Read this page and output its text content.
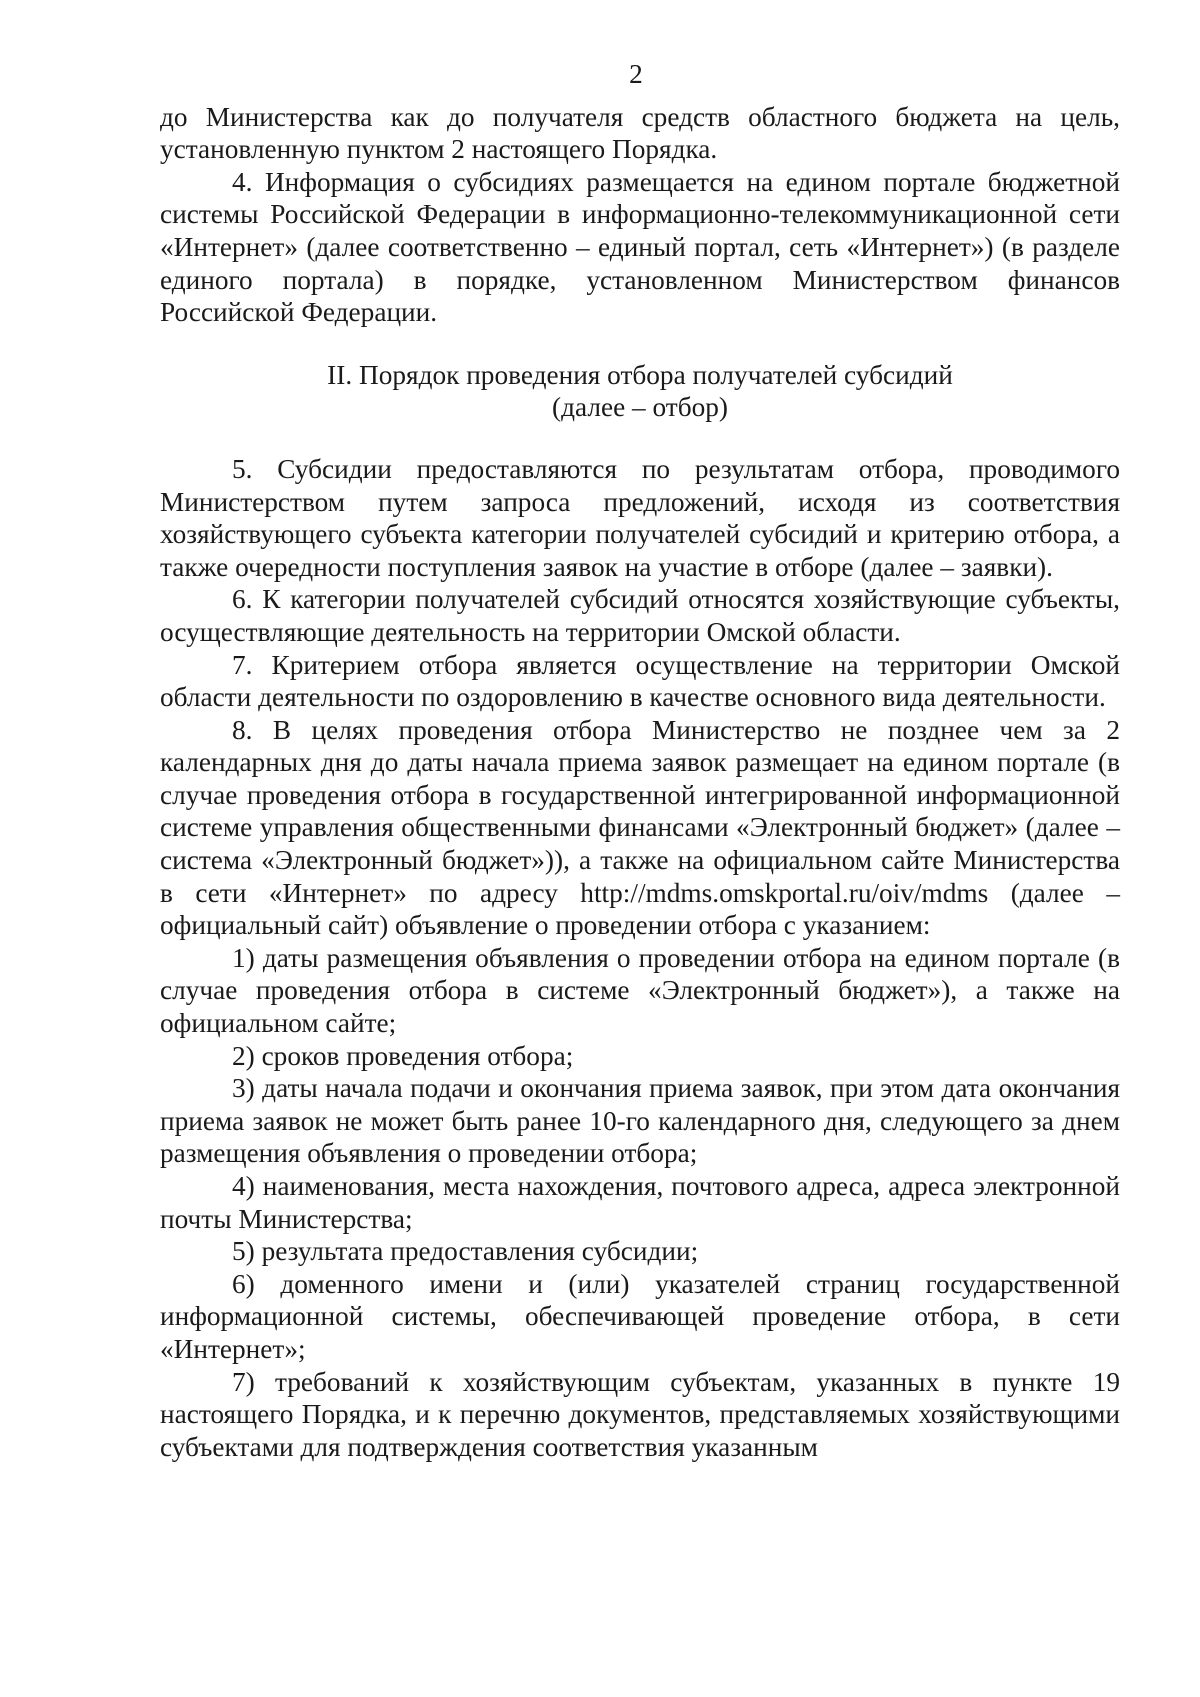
2

до Министерства как до получателя средств областного бюджета на цель, установленную пунктом 2 настоящего Порядка.

4. Информация о субсидиях размещается на едином портале бюджетной системы Российской Федерации в информационно-телекоммуникационной сети «Интернет» (далее соответственно – единый портал, сеть «Интернет») (в разделе единого портала) в порядке, установленном Министерством финансов Российской Федерации.

II. Порядок проведения отбора получателей субсидий
(далее – отбор)

5. Субсидии предоставляются по результатам отбора, проводимого Министерством путем запроса предложений, исходя из соответствия хозяйствующего субъекта категории получателей субсидий и критерию отбора, а также очередности поступления заявок на участие в отборе (далее – заявки).

6. К категории получателей субсидий относятся хозяйствующие субъекты, осуществляющие деятельность на территории Омской области.

7. Критерием отбора является осуществление на территории Омской области деятельности по оздоровлению в качестве основного вида деятельности.

8. В целях проведения отбора Министерство не позднее чем за 2 календарных дня до даты начала приема заявок размещает на едином портале (в случае проведения отбора в государственной интегрированной информационной системе управления общественными финансами «Электронный бюджет» (далее – система «Электронный бюджет»)), а также на официальном сайте Министерства в сети «Интернет» по адресу http://mdms.omskportal.ru/oiv/mdms (далее – официальный сайт) объявление о проведении отбора с указанием:

1) даты размещения объявления о проведении отбора на едином портале (в случае проведения отбора в системе «Электронный бюджет»), а также на официальном сайте;

2) сроков проведения отбора;

3) даты начала подачи и окончания приема заявок, при этом дата окончания приема заявок не может быть ранее 10-го календарного дня, следующего за днем размещения объявления о проведении отбора;

4) наименования, места нахождения, почтового адреса, адреса электронной почты Министерства;

5) результата предоставления субсидии;

6) доменного имени и (или) указателей страниц государственной информационной системы, обеспечивающей проведение отбора, в сети «Интернет»;

7) требований к хозяйствующим субъектам, указанных в пункте 19 настоящего Порядка, и к перечню документов, представляемых хозяйствующими субъектами для подтверждения соответствия указанным
